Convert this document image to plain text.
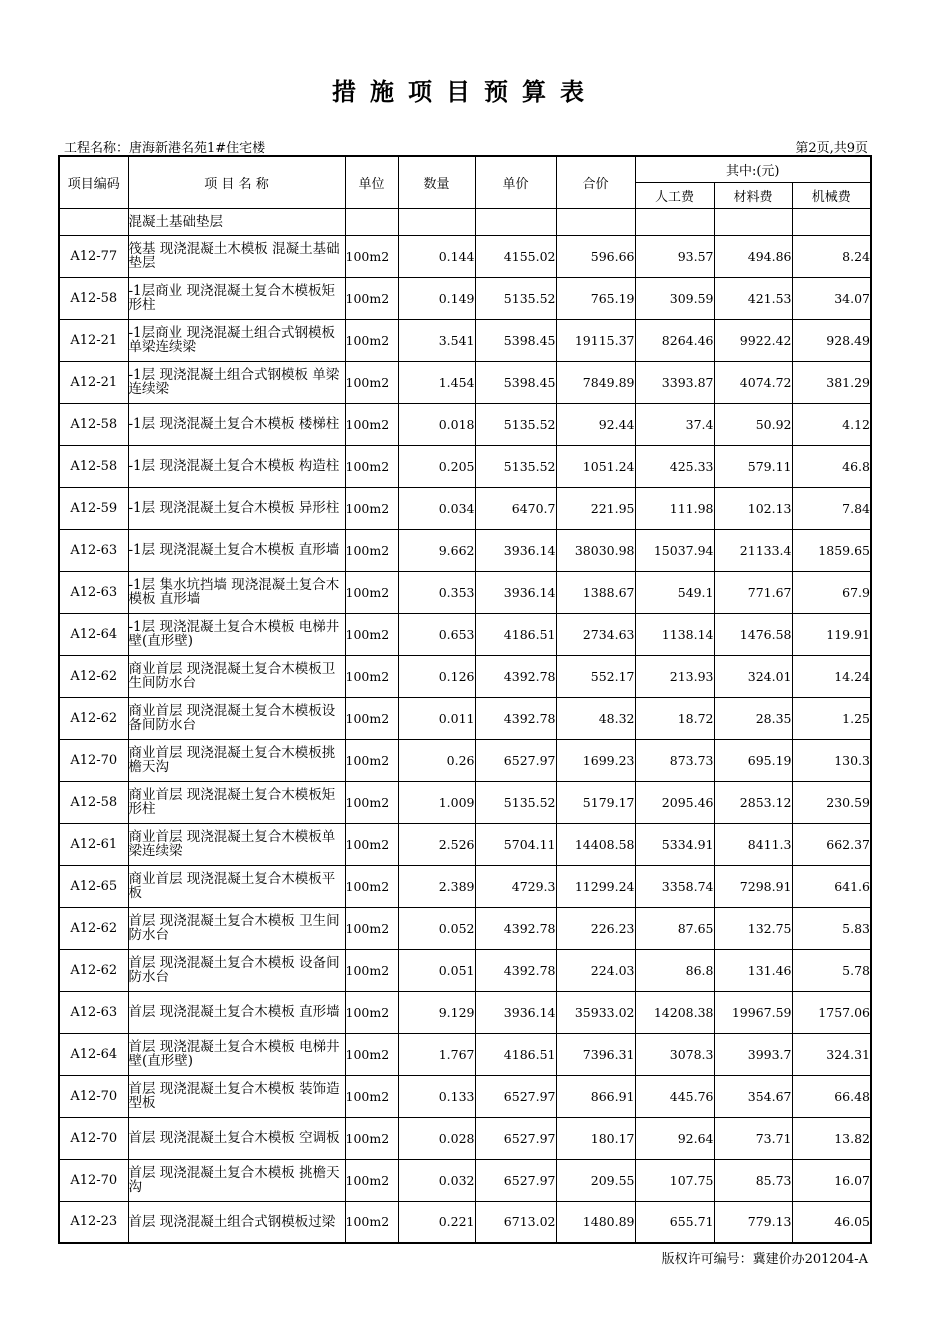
措施项目预算表
工程名称：唐海新港名苑1#住宅楼	第2页,共9页
项目编码	项 目 名 称	单位	数量	单价	合价	其中:(元)		
						人工费	材料费	机械费
	混凝土基础垫层							
A12-77	筏基 现浇混凝土木模板 混凝土基础垫层	100m2	0.144	4155.02	596.66	93.57	494.86	8.24
A12-58	-1层商业 现浇混凝土复合木模板矩形柱	100m2	0.149	5135.52	765.19	309.59	421.53	34.07
A12-21	-1层商业 现浇混凝土组合式钢模板 单梁连续梁	100m2	3.541	5398.45	19115.37	8264.46	9922.42	928.49
A12-21	-1层 现浇混凝土组合式钢模板 单梁连续梁	100m2	1.454	5398.45	7849.89	3393.87	4074.72	381.29
A12-58	-1层 现浇混凝土复合木模板 楼梯柱	100m2	0.018	5135.52	92.44	37.4	50.92	4.12
A12-58	-1层 现浇混凝土复合木模板 构造柱	100m2	0.205	5135.52	1051.24	425.33	579.11	46.8
A12-59	-1层 现浇混凝土复合木模板 异形柱	100m2	0.034	6470.7	221.95	111.98	102.13	7.84
A12-63	-1层 现浇混凝土复合木模板 直形墙	100m2	9.662	3936.14	38030.98	15037.94	21133.4	1859.65
A12-63	-1层 集水坑挡墙 现浇混凝土复合木模板 直形墙	100m2	0.353	3936.14	1388.67	549.1	771.67	67.9
A12-64	-1层 现浇混凝土复合木模板 电梯井壁(直形壁)	100m2	0.653	4186.51	2734.63	1138.14	1476.58	119.91
A12-62	商业首层 现浇混凝土复合木模板卫生间防水台	100m2	0.126	4392.78	552.17	213.93	324.01	14.24
A12-62	商业首层 现浇混凝土复合木模板设备间防水台	100m2	0.011	4392.78	48.32	18.72	28.35	1.25
A12-70	商业首层 现浇混凝土复合木模板挑檐天沟	100m2	0.26	6527.97	1699.23	873.73	695.19	130.3
A12-58	商业首层 现浇混凝土复合木模板矩形柱	100m2	1.009	5135.52	5179.17	2095.46	2853.12	230.59
A12-61	商业首层 现浇混凝土复合木模板单梁连续梁	100m2	2.526	5704.11	14408.58	5334.91	8411.3	662.37
A12-65	商业首层 现浇混凝土复合木模板平板	100m2	2.389	4729.3	11299.24	3358.74	7298.91	641.6
A12-62	首层 现浇混凝土复合木模板 卫生间防水台	100m2	0.052	4392.78	226.23	87.65	132.75	5.83
A12-62	首层 现浇混凝土复合木模板 设备间防水台	100m2	0.051	4392.78	224.03	86.8	131.46	5.78
A12-63	首层 现浇混凝土复合木模板 直形墙	100m2	9.129	3936.14	35933.02	14208.38	19967.59	1757.06
A12-64	首层 现浇混凝土复合木模板 电梯井壁(直形壁)	100m2	1.767	4186.51	7396.31	3078.3	3993.7	324.31
A12-70	首层 现浇混凝土复合木模板 装饰造型板	100m2	0.133	6527.97	866.91	445.76	354.67	66.48
A12-70	首层 现浇混凝土复合木模板 空调板	100m2	0.028	6527.97	180.17	92.64	73.71	13.82
A12-70	首层 现浇混凝土复合木模板 挑檐天沟	100m2	0.032	6527.97	209.55	107.75	85.73	16.07
A12-23	首层 现浇混凝土组合式钢模板过梁	100m2	0.221	6713.02	1480.89	655.71	779.13	46.05
版权许可编号：冀建价办201204-A
